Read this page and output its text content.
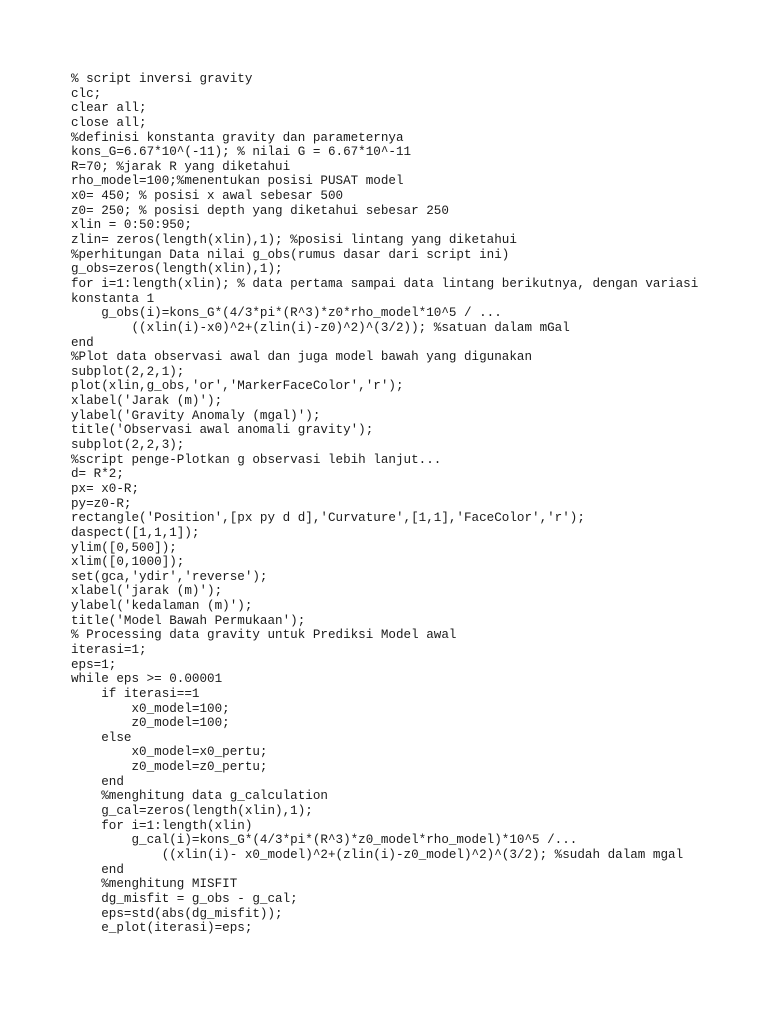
% script inversi gravity
clc;
clear all;
close all;
%definisi konstanta gravity dan parameternya
kons_G=6.67*10^(-11); % nilai G = 6.67*10^-11
R=70; %jarak R yang diketahui
rho_model=100;%menentukan posisi PUSAT model
x0= 450; % posisi x awal sebesar 500
z0= 250; % posisi depth yang diketahui sebesar 250
xlin = 0:50:950;
zlin= zeros(length(xlin),1); %posisi lintang yang diketahui
%perhitungan Data nilai g_obs(rumus dasar dari script ini)
g_obs=zeros(length(xlin),1);
for i=1:length(xlin); % data pertama sampai data lintang berikutnya, dengan variasi
konstanta 1
g_obs(i)=kons_G*(4/3*pi*(R^3)*z0*rho_model*10^5 / ...
((xlin(i)-x0)^2+(zlin(i)-z0)^2)^(3/2)); %satuan dalam mGal
end
%Plot data observasi awal dan juga model bawah yang digunakan
subplot(2,2,1);
plot(xlin,g_obs,'or','MarkerFaceColor','r');
xlabel('Jarak (m)');
ylabel('Gravity Anomaly (mgal)');
title('Observasi awal anomali gravity');
subplot(2,2,3);
%script penge-Plotkan g observasi lebih lanjut...
d= R*2;
px= x0-R;
py=z0-R;
rectangle('Position',[px py d d],'Curvature',[1,1],'FaceColor','r');
daspect([1,1,1]);
ylim([0,500]);
xlim([0,1000]);
set(gca,'ydir','reverse');
xlabel('jarak (m)');
ylabel('kedalaman (m)');
title('Model Bawah Permukaan');
% Processing data gravity untuk Prediksi Model awal
iterasi=1;
eps=1;
while eps >= 0.00001
if iterasi==1
x0_model=100;
z0_model=100;
else
x0_model=x0_pertu;
z0_model=z0_pertu;
end
%menghitung data g_calculation
g_cal=zeros(length(xlin),1);
for i=1:length(xlin)
g_cal(i)=kons_G*(4/3*pi*(R^3)*z0_model*rho_model)*10^5 /...
((xlin(i)- x0_model)^2+(zlin(i)-z0_model)^2)^(3/2); %sudah dalam mgal
end
%menghitung MISFIT
dg_misfit = g_obs - g_cal;
eps=std(abs(dg_misfit));
e_plot(iterasi)=eps;
